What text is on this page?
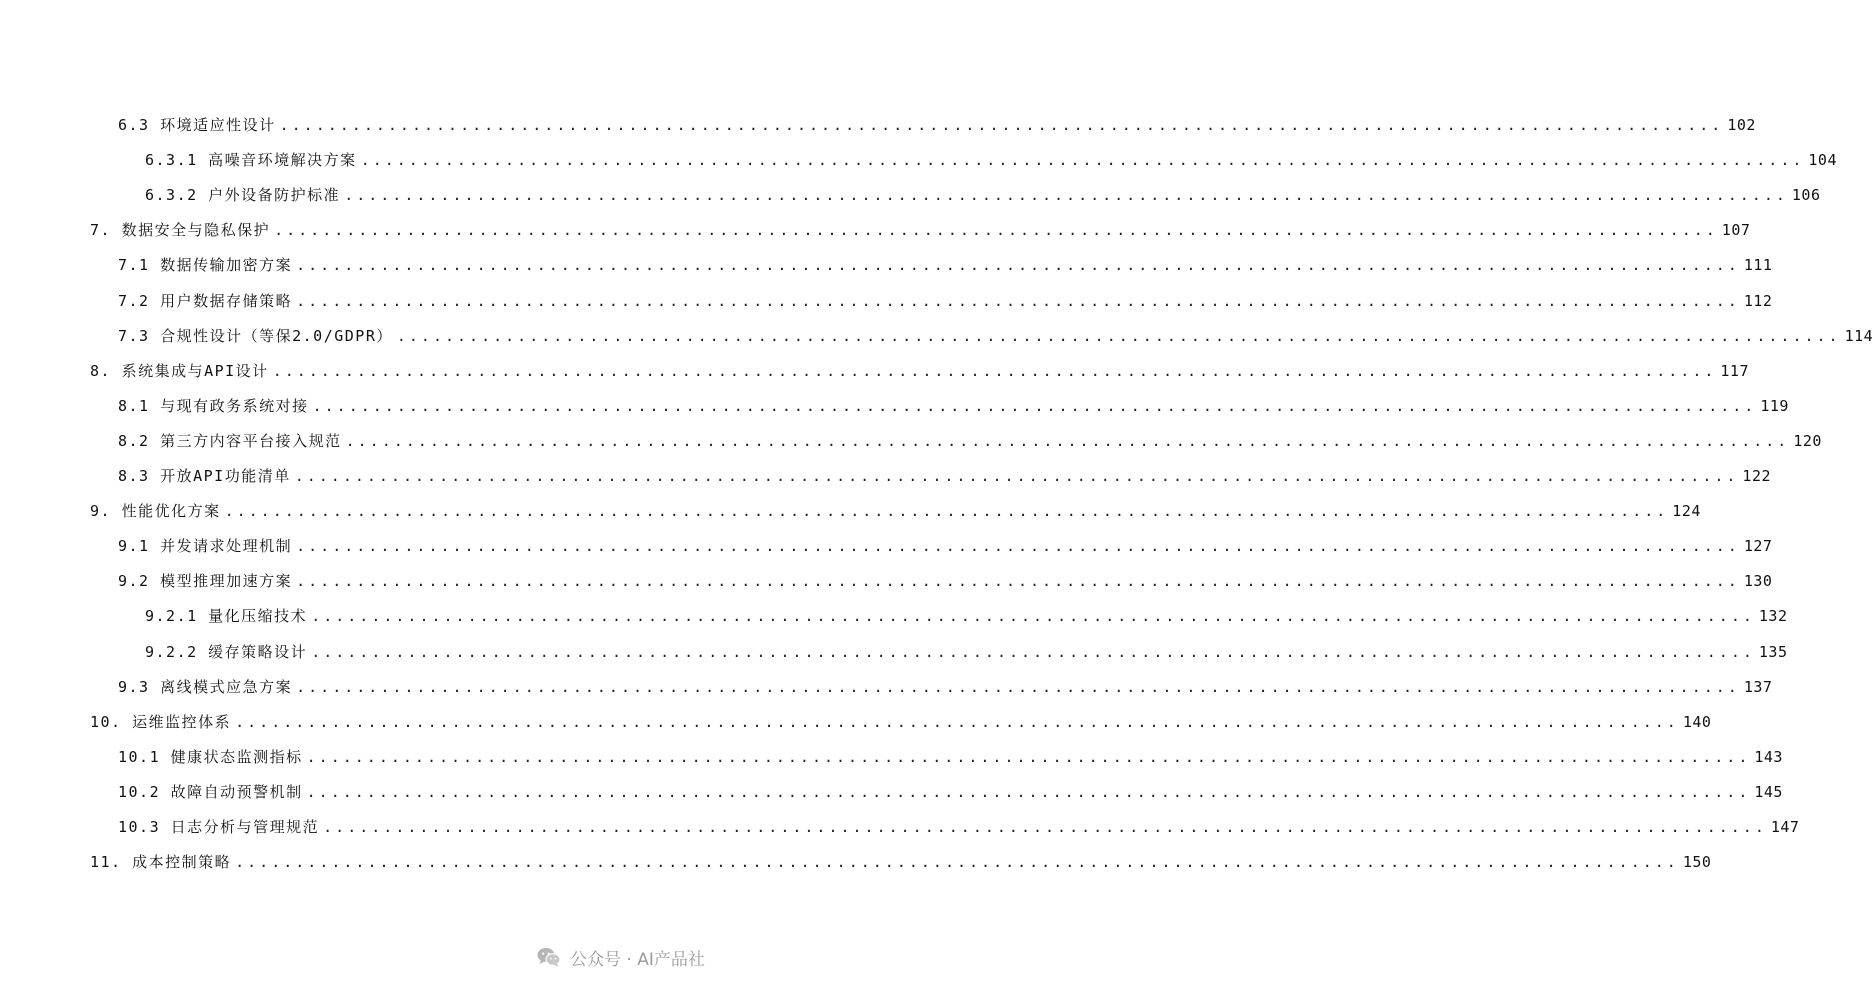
6.3 环境适应性设计 ........................................................................................................................ 102
6.3.1 高噪音环境解决方案 ........................................................................................................................ 104
6.3.2 户外设备防护标准 ........................................................................................................................ 106
7. 数据安全与隐私保护 ........................................................................................................................ 107
7.1 数据传输加密方案 ........................................................................................................................ 111
7.2 用户数据存储策略 ........................................................................................................................ 112
7.3 合规性设计（等保2.0/GDPR） ........................................................................................................................ 114
8. 系统集成与API设计 ........................................................................................................................ 117
8.1 与现有政务系统对接 ........................................................................................................................ 119
8.2 第三方内容平台接入规范 ........................................................................................................................ 120
8.3 开放API功能清单 ........................................................................................................................ 122
9. 性能优化方案 ........................................................................................................................ 124
9.1 并发请求处理机制 ........................................................................................................................ 127
9.2 模型推理加速方案 ........................................................................................................................ 130
9.2.1 量化压缩技术 ........................................................................................................................ 132
9.2.2 缓存策略设计 ........................................................................................................................ 135
9.3 离线模式应急方案 ........................................................................................................................ 137
10. 运维监控体系 ........................................................................................................................ 140
10.1 健康状态监测指标 ........................................................................................................................ 143
10.2 故障自动预警机制 ........................................................................................................................ 145
10.3 日志分析与管理规范 ........................................................................................................................ 147
11. 成本控制策略 ........................................................................................................................ 150
公众号 · AI产品社
